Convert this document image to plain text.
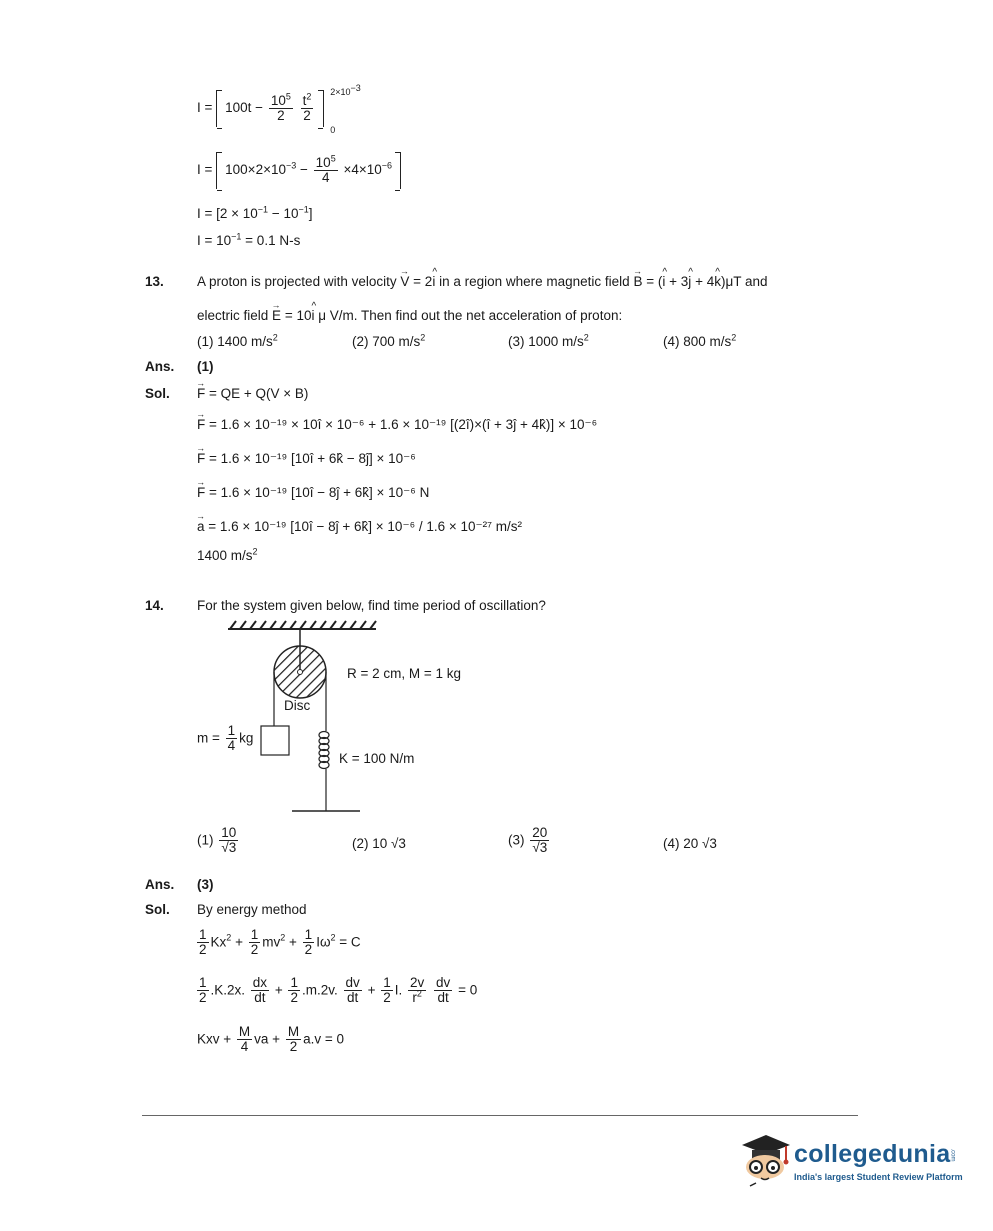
$I = 100t - \frac{10^5}{2}$
$\frac{t^2}{2}$

$2\times 10^{-3}$
0
$I = 100\times 2\times 10^{-3} - \frac{10^5}{4} \times 4\times 10^{-6}$
$I = [2 \times 10^{-1} - 10^{-1}]$
$I = 10^{-1} = 0.1$ N-s
13. A proton is projected with velocity V → = 2i ^ in a region where magnetic field B → = (i ^ + 3j ^ + 4k ^)μT and
electric field E → = 10i ^ μ V/m. Then find out the net acceleration of proton:
(1) 1400 $m/s^2$	(2) 700 $m/s^2$	(3) 1000 $m/s^2$	(4) 800 $m/s^2$
Ans. (1)
Sol. F → = QE + Q(V × B)
F → = 1.6 × 10⁻¹⁹ × 10î × 10⁻⁶ + 1.6 × 10⁻¹⁹ [(2î)×(î + 3ĵ + 4k̂)] × 10⁻⁶
F → = 1.6 × 10⁻¹⁹ [10î + 6k̂ − 8ĵ] × 10⁻⁶
F → = 1.6 × 10⁻¹⁹ [10î − 8ĵ + 6k̂] × 10⁻⁶ N
a → = 1.6 × 10⁻¹⁹ [10î − 8ĵ + 6k̂] × 10⁻⁶ / 1.6 × 10⁻²⁷ m/s²
1400 $m/s^2$
14. For the system given below, find time period of oscillation?
R = 2 cm, M = 1 kg
Disc
$m = \frac{1}{4}$ kg
K = 100 N/m
$(1) \frac{10}{√3}$	(2) 10 √3	$(3) \frac{20}{√3}$	(4) 20 √3
Ans. (3)
Sol. By energy method
$\frac{1}{2} Kx^2 + \frac{1}{2} mv^2 + \frac{1}{2} I\omega^2 = C$
$\frac{1}{2} .K.2x$. $\frac{dx}{dt} + \frac{1}{2} .m.2v$. $\frac{dv}{dt} + \frac{1}{2} I$. $\frac{2v}{r^2}$
$\frac{dv}{dt} = 0$
Kxv + $\frac{M}{4}$ va + $\frac{M}{2} a.v = 0$
collegedunia .com
India's largest Student Review Platform
